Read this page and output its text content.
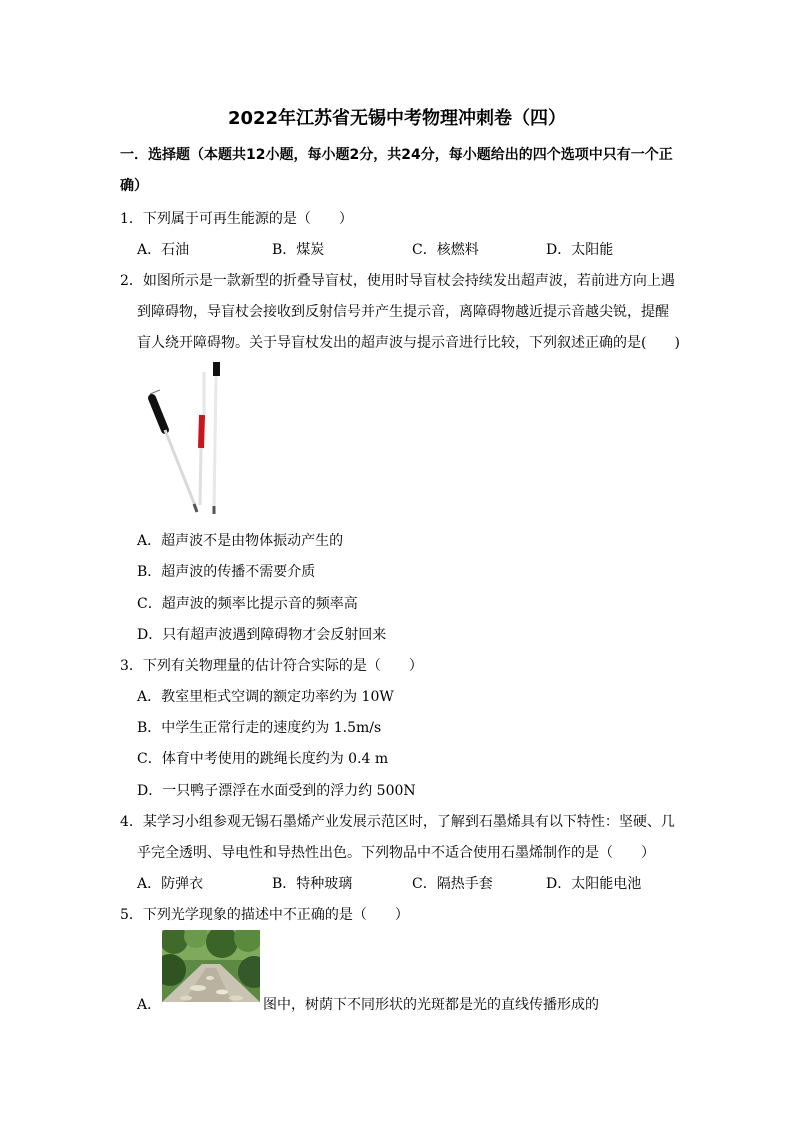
2022年江苏省无锡中考物理冲刺卷（四）
一．选择题（本题共12小题，每小题2分，共24分，每小题给出的四个选项中只有一个正确）
1．下列属于可再生能源的是（　　）
A．石油	B．煤炭	C．核燃料	D．太阳能
2．如图所示是一款新型的折叠导盲杖，使用时导盲杖会持续发出超声波，若前进方向上遇
到障碍物，导盲杖会接收到反射信号并产生提示音，离障碍物越近提示音越尖锐，提醒
盲人绕开障碍物。关于导盲杖发出的超声波与提示音进行比较，下列叙述正确的是(　　)
A．超声波不是由物体振动产生的
B．超声波的传播不需要介质
C．超声波的频率比提示音的频率高
D．只有超声波遇到障碍物才会反射回来
3．下列有关物理量的估计符合实际的是（　　）
A．教室里柜式空调的额定功率约为 10W
B．中学生正常行走的速度约为 1.5m/s
C．体育中考使用的跳绳长度约为 0.4 m
D．一只鸭子漂浮在水面受到的浮力约 500N
4．某学习小组参观无锡石墨烯产业发展示范区时，了解到石墨烯具有以下特性：坚硬、几
乎完全透明、导电性和导热性出色。下列物品中不适合使用石墨烯制作的是（　　）
A．防弹衣	B．特种玻璃	C．隔热手套	D．太阳能电池
5．下列光学现象的描述中不正确的是（　　）
A．	图中，树荫下不同形状的光斑都是光的直线传播形成的
